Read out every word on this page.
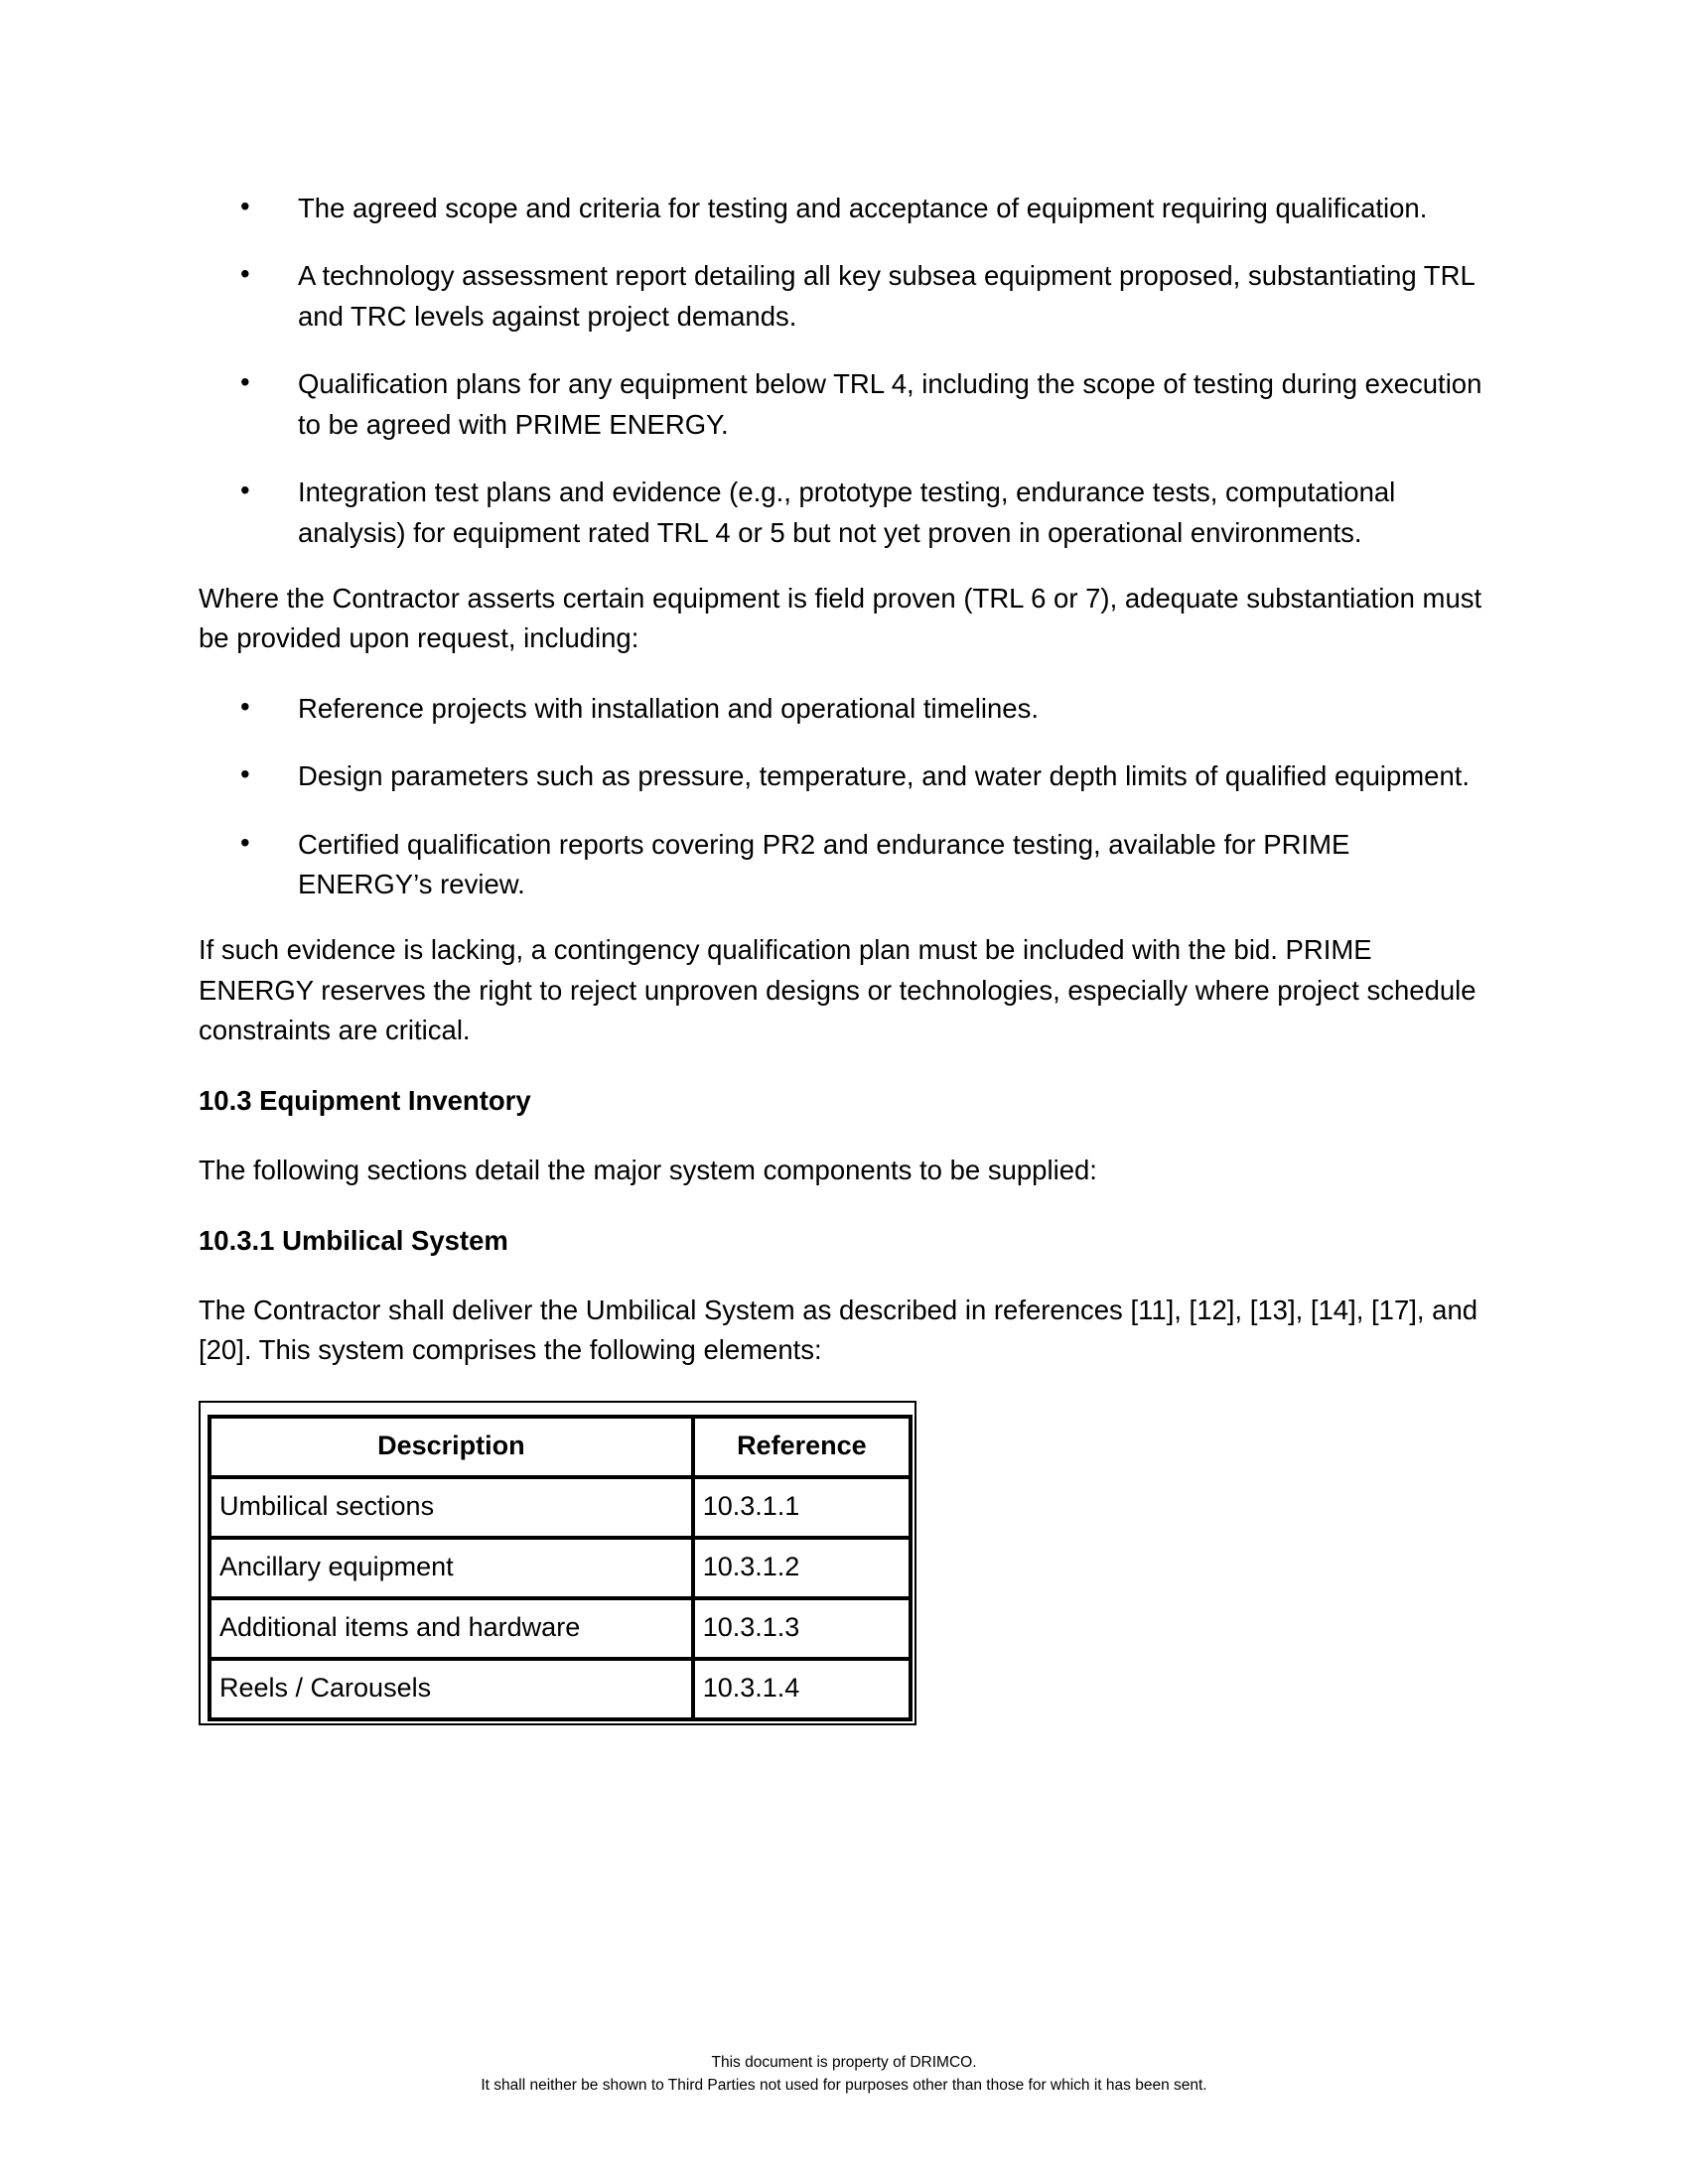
• The agreed scope and criteria for testing and acceptance of equipment requiring qualification.
• A technology assessment report detailing all key subsea equipment proposed, substantiating TRL and TRC levels against project demands.
• Qualification plans for any equipment below TRL 4, including the scope of testing during execution to be agreed with PRIME ENERGY.
• Integration test plans and evidence (e.g., prototype testing, endurance tests, computational analysis) for equipment rated TRL 4 or 5 but not yet proven in operational environments.

Where the Contractor asserts certain equipment is field proven (TRL 6 or 7), adequate substantiation must be provided upon request, including:

• Reference projects with installation and operational timelines.
• Design parameters such as pressure, temperature, and water depth limits of qualified equipment.
• Certified qualification reports covering PR2 and endurance testing, available for PRIME ENERGY’s review.

If such evidence is lacking, a contingency qualification plan must be included with the bid. PRIME ENERGY reserves the right to reject unproven designs or technologies, especially where project schedule constraints are critical.

10.3 Equipment Inventory

The following sections detail the major system components to be supplied:

10.3.1 Umbilical System

The Contractor shall deliver the Umbilical System as described in references [11], [12], [13], [14], [17], and [20]. This system comprises the following elements:

Description	Reference
Umbilical sections	10.3.1.1
Ancillary equipment	10.3.1.2
Additional items and hardware	10.3.1.3
Reels / Carousels	10.3.1.4
This document is property of DRIMCO.
It shall neither be shown to Third Parties not used for purposes other than those for which it has been sent.
